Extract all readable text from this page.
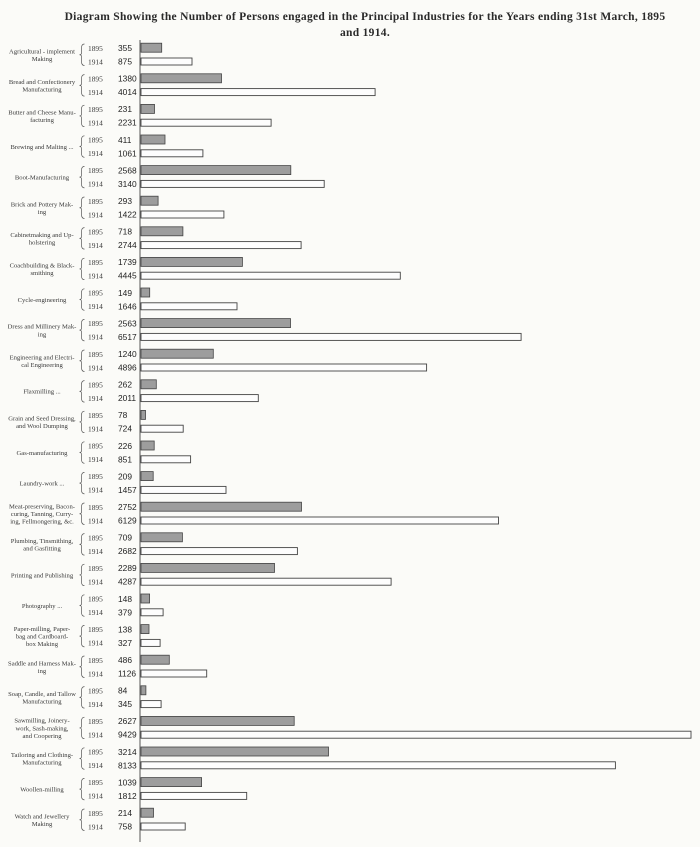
Diagram Showing the Number of Persons engaged in the Principal Industries for the Years ending 31st March, 1895 and 1914.
Agricultural - implement Making
1895
1914
355
875
Bread and Confectionery Manufacturing
1895
1914
1380
4014
Butter and Cheese Manu-facturing
1895
1914
231
2231
Brewing and Malting ...
1895
1914
411
1061
Boot-Manufacturing
1895
1914
2568
3140
Brick and Pottery Mak-ing
1895
1914
293
1422
Cabinetmaking and Up-holstering
1895
1914
718
2744
Coachbuilding & Black-smithing
1895
1914
1739
4445
Cycle-engineering
1895
1914
149
1646
Dress and Millinery Mak-ing
1895
1914
2563
6517
Engineering and Electri-cal Engineering
1895
1914
1240
4896
Flaxmilling ...
1895
1914
262
2011
Grain and Seed Dressing, and Wool Dumping
1895
1914
78
724
Gas-manufacturing
1895
1914
226
851
Laundry-work ...
1895
1914
209
1457
Meat-preserving, Bacon-curing, Tanning, Curry-ing, Fellmongering, &c.
1895
1914
2752
6129
Plumbing, Tinsmithing, and Gasfitting
1895
1914
709
2682
Printing and Publishing
1895
1914
2289
4287
Photography ...
1895
1914
148
379
Paper-milling, Paper-bag and Cardboard-box Making
1895
1914
138
327
Saddle and Harness Mak-ing
1895
1914
486
1126
Soap, Candle, and Tallow Manufacturing
1895
1914
84
345
Sawmilling, Joinery-work, Sash-making, and Coopering
1895
1914
2627
9429
Tailoring and Clothing-Manufacturing
1895
1914
3214
8133
Woollen-milling
1895
1914
1039
1812
Watch and Jewellery Making
1895
1914
214
758
